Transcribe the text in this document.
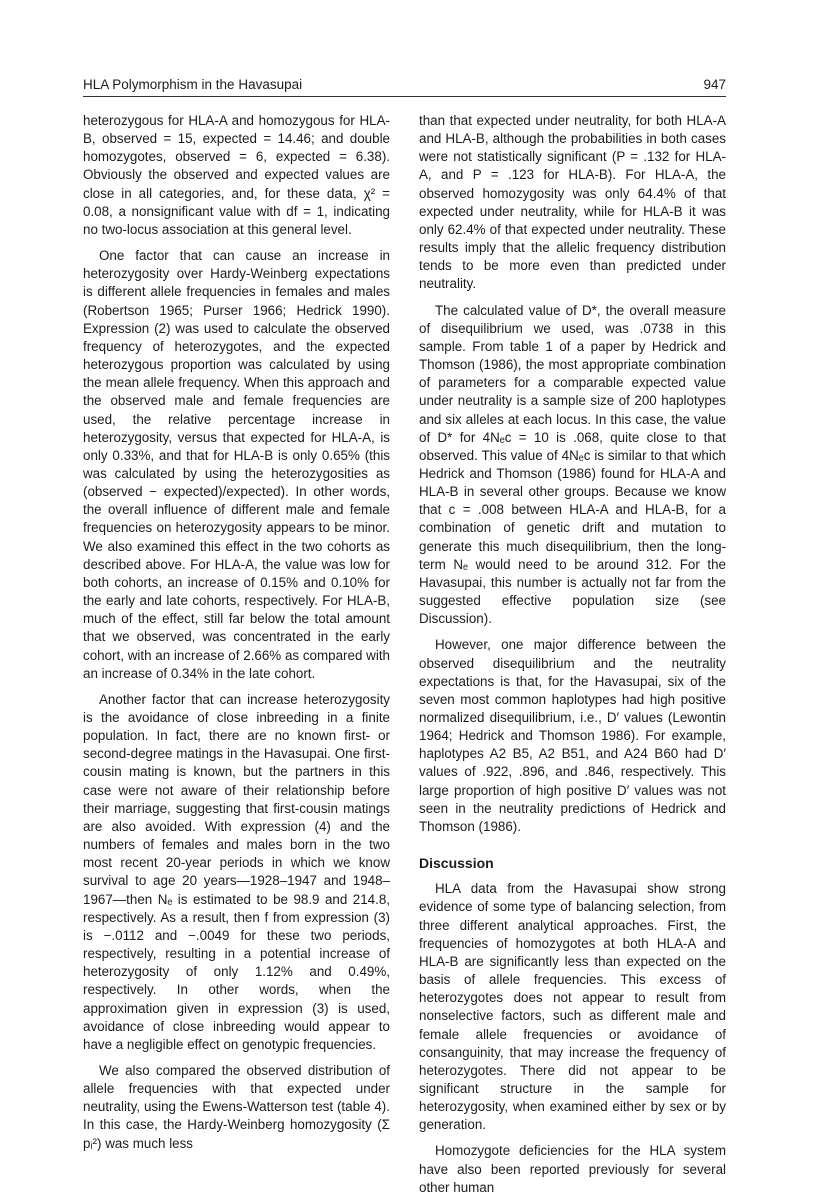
HLA Polymorphism in the Havasupai	947

heterozygous for HLA-A and homozygous for HLA-B, observed = 15, expected = 14.46; and double homozygotes, observed = 6, expected = 6.38). Obviously the observed and expected values are close in all categories, and, for these data, χ² = 0.08, a nonsignificant value with df = 1, indicating no two-locus association at this general level.

One factor that can cause an increase in heterozygosity over Hardy-Weinberg expectations is different allele frequencies in females and males (Robertson 1965; Purser 1966; Hedrick 1990). Expression (2) was used to calculate the observed frequency of heterozygotes, and the expected heterozygous proportion was calculated by using the mean allele frequency. When this approach and the observed male and female frequencies are used, the relative percentage increase in heterozygosity, versus that expected for HLA-A, is only 0.33%, and that for HLA-B is only 0.65% (this was calculated by using the heterozygosities as (observed − expected)/expected). In other words, the overall influence of different male and female frequencies on heterozygosity appears to be minor. We also examined this effect in the two cohorts as described above. For HLA-A, the value was low for both cohorts, an increase of 0.15% and 0.10% for the early and late cohorts, respectively. For HLA-B, much of the effect, still far below the total amount that we observed, was concentrated in the early cohort, with an increase of 2.66% as compared with an increase of 0.34% in the late cohort.

Another factor that can increase heterozygosity is the avoidance of close inbreeding in a finite population. In fact, there are no known first- or second-degree matings in the Havasupai. One first-cousin mating is known, but the partners in this case were not aware of their relationship before their marriage, suggesting that first-cousin matings are also avoided. With expression (4) and the numbers of females and males born in the two most recent 20-year periods in which we know survival to age 20 years—1928–1947 and 1948–1967—then Nₑ is estimated to be 98.9 and 214.8, respectively. As a result, then f from expression (3) is −.0112 and −.0049 for these two periods, respectively, resulting in a potential increase of heterozygosity of only 1.12% and 0.49%, respectively. In other words, when the approximation given in expression (3) is used, avoidance of close inbreeding would appear to have a negligible effect on genotypic frequencies.

We also compared the observed distribution of allele frequencies with that expected under neutrality, using the Ewens-Watterson test (table 4). In this case, the Hardy-Weinberg homozygosity (Σ pᵢ²) was much less

than that expected under neutrality, for both HLA-A and HLA-B, although the probabilities in both cases were not statistically significant (P = .132 for HLA-A, and P = .123 for HLA-B). For HLA-A, the observed homozygosity was only 64.4% of that expected under neutrality, while for HLA-B it was only 62.4% of that expected under neutrality. These results imply that the allelic frequency distribution tends to be more even than predicted under neutrality.

The calculated value of D*, the overall measure of disequilibrium we used, was .0738 in this sample. From table 1 of a paper by Hedrick and Thomson (1986), the most appropriate combination of parameters for a comparable expected value under neutrality is a sample size of 200 haplotypes and six alleles at each locus. In this case, the value of D* for 4Nₑc = 10 is .068, quite close to that observed. This value of 4Nₑc is similar to that which Hedrick and Thomson (1986) found for HLA-A and HLA-B in several other groups. Because we know that c = .008 between HLA-A and HLA-B, for a combination of genetic drift and mutation to generate this much disequilibrium, then the long-term Nₑ would need to be around 312. For the Havasupai, this number is actually not far from the suggested effective population size (see Discussion).

However, one major difference between the observed disequilibrium and the neutrality expectations is that, for the Havasupai, six of the seven most common haplotypes had high positive normalized disequilibrium, i.e., D′ values (Lewontin 1964; Hedrick and Thomson 1986). For example, haplotypes A2 B5, A2 B51, and A24 B60 had D′ values of .922, .896, and .846, respectively. This large proportion of high positive D′ values was not seen in the neutrality predictions of Hedrick and Thomson (1986).

Discussion

HLA data from the Havasupai show strong evidence of some type of balancing selection, from three different analytical approaches. First, the frequencies of homozygotes at both HLA-A and HLA-B are significantly less than expected on the basis of allele frequencies. This excess of heterozygotes does not appear to result from nonselective factors, such as different male and female allele frequencies or avoidance of consanguinity, that may increase the frequency of heterozygotes. There did not appear to be significant structure in the sample for heterozygosity, when examined either by sex or by generation.

Homozygote deficiencies for the HLA system have also been reported previously for several other human
